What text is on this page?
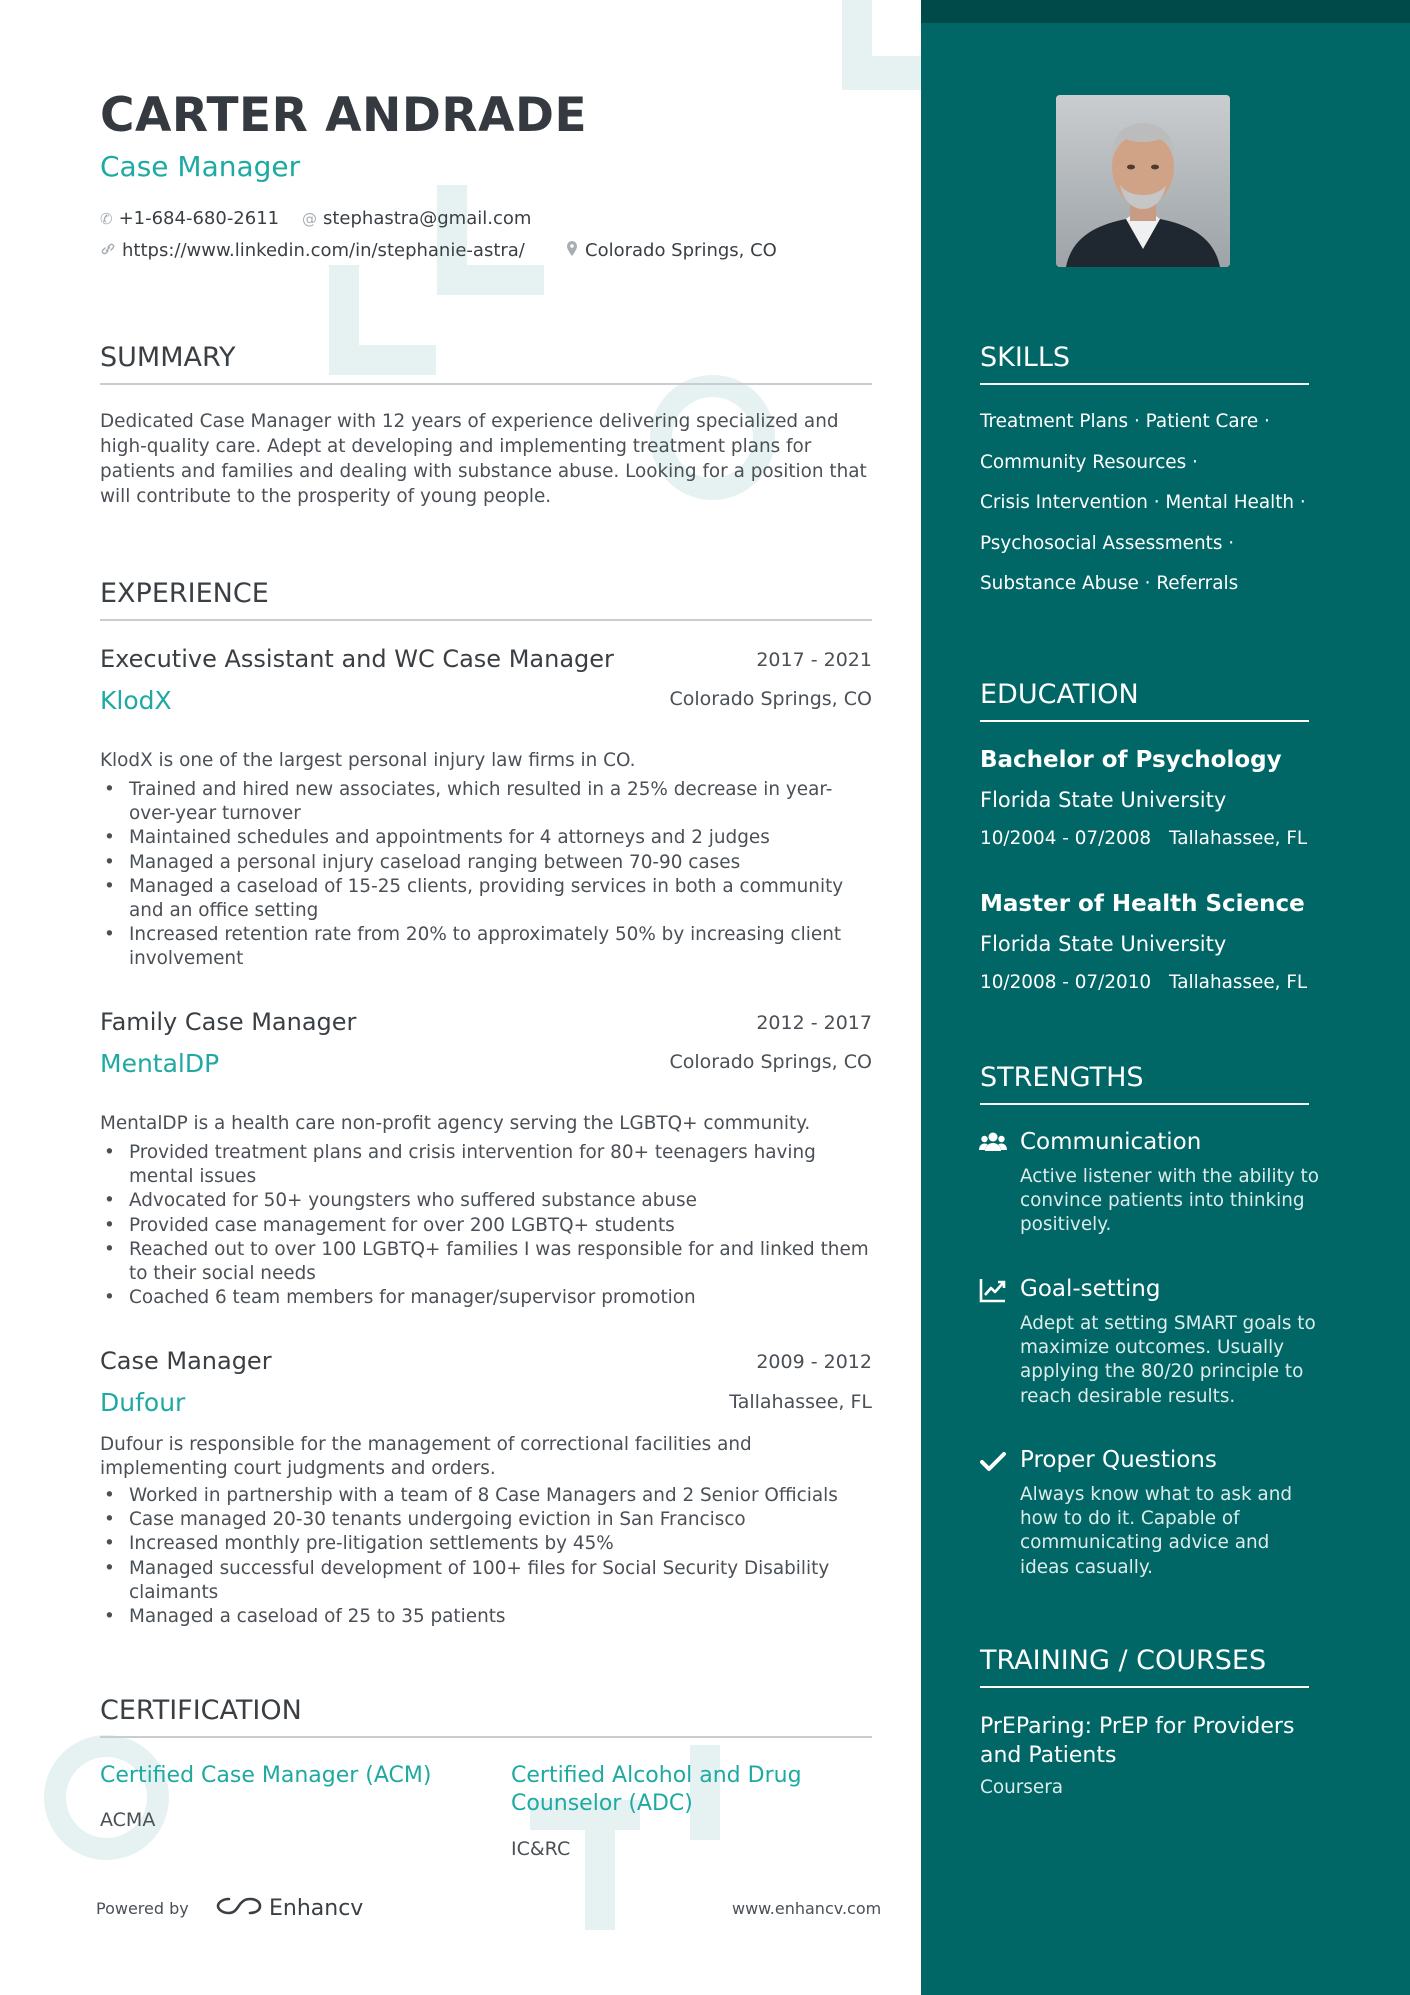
CARTER ANDRADE
Case Manager
✆ +1-684-680-2611 @ stephastra@gmail.com
https://www.linkedin.com/in/stephanie-astra/	Colorado Springs, CO
SUMMARY

Dedicated Case Manager with 12 years of experience delivering specialized and high-quality care. Adept at developing and implementing treatment plans for patients and families and dealing with substance abuse. Looking for a position that will contribute to the prosperity of young people.

EXPERIENCE
Executive Assistant and WC Case Manager	2017 - 2021
KlodX	Colorado Springs, CO
KlodX is one of the largest personal injury law firms in CO.
• Trained and hired new associates, which resulted in a 25% decrease in year-over-year turnover
• Maintained schedules and appointments for 4 attorneys and 2 judges
• Managed a personal injury caseload ranging between 70-90 cases
• Managed a caseload of 15-25 clients, providing services in both a community and an office setting
• Increased retention rate from 20% to approximately 50% by increasing client involvement
Family Case Manager	2012 - 2017
MentalDP	Colorado Springs, CO
MentalDP is a health care non-profit agency serving the LGBTQ+ community.
• Provided treatment plans and crisis intervention for 80+ teenagers having mental issues
• Advocated for 50+ youngsters who suffered substance abuse
• Provided case management for over 200 LGBTQ+ students
• Reached out to over 100 LGBTQ+ families I was responsible for and linked them to their social needs
• Coached 6 team members for manager/supervisor promotion
Case Manager	2009 - 2012
Dufour	Tallahassee, FL
Dufour is responsible for the management of correctional facilities and implementing court judgments and orders.
• Worked in partnership with a team of 8 Case Managers and 2 Senior Officials
• Case managed 20-30 tenants undergoing eviction in San Francisco
• Increased monthly pre-litigation settlements by 45%
• Managed successful development of 100+ files for Social Security Disability claimants
• Managed a caseload of 25 to 35 patients
CERTIFICATION
Certified Case Manager (ACM)
ACMA
Certified Alcohol and Drug Counselor (ADC)
IC&RC
Powered by	Enhancv	www.enhancv.com
SKILLS
Treatment Plans · Patient Care ·
Community Resources ·
Crisis Intervention · Mental Health ·
Psychosocial Assessments ·
Substance Abuse · Referrals
EDUCATION
Bachelor of Psychology
Florida State University
10/2004 - 07/2008 Tallahassee, FL
Master of Health Science
Florida State University
10/2008 - 07/2010 Tallahassee, FL
STRENGTHS
Communication

Active listener with the ability to convince patients into thinking positively.

Goal-setting

Adept at setting SMART goals to maximize outcomes. Usually applying the 80/20 principle to reach desirable results.

Proper Questions

Always know what to ask and how to do it. Capable of communicating advice and ideas casually.

TRAINING / COURSES
PrEParing: PrEP for Providers and Patients
Coursera
